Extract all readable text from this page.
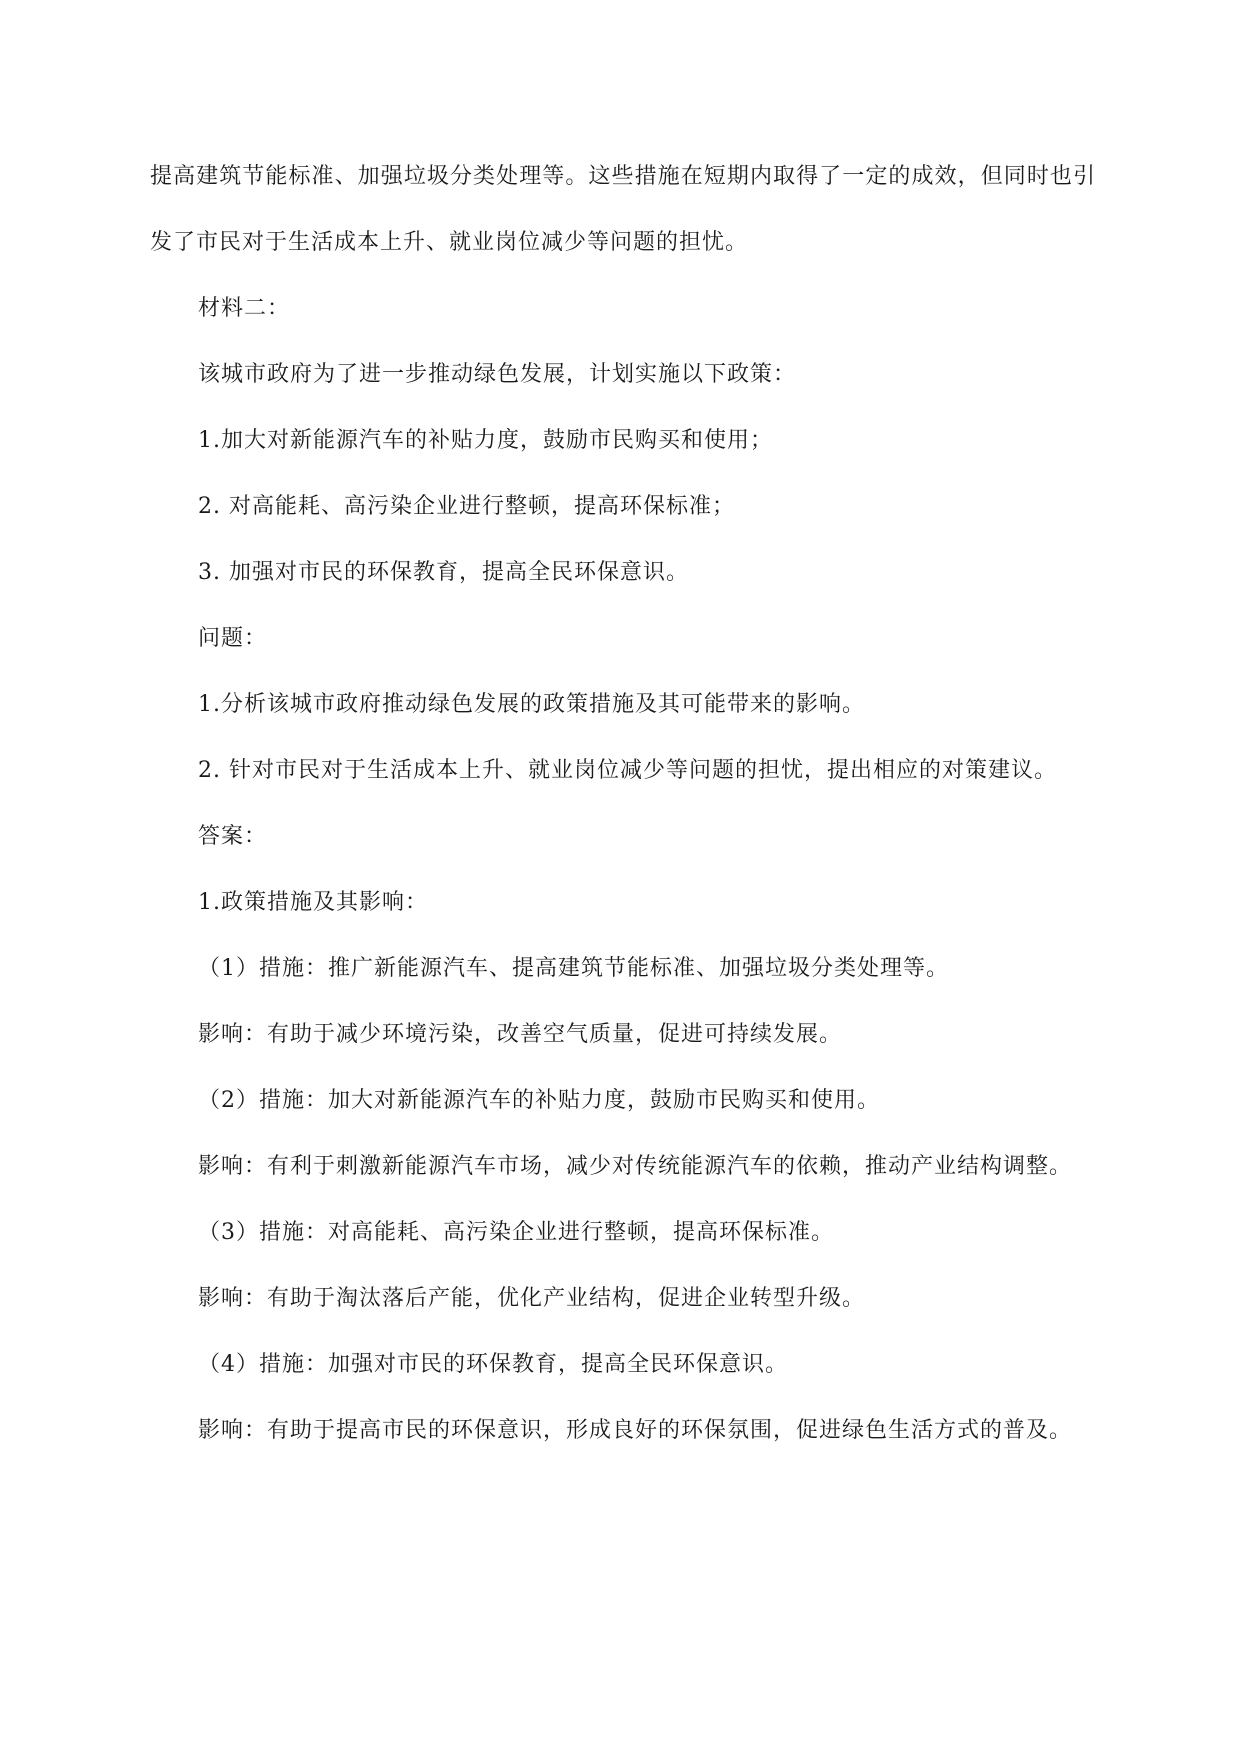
提高建筑节能标准、加强垃圾分类处理等。这些措施在短期内取得了一定的成效，但同时也引发了市民对于生活成本上升、就业岗位减少等问题的担忧。

材料二：

该城市政府为了进一步推动绿色发展，计划实施以下政策：

1.加大对新能源汽车的补贴力度，鼓励市民购买和使用；

2. 对高能耗、高污染企业进行整顿，提高环保标准；

3. 加强对市民的环保教育，提高全民环保意识。

问题：

1.分析该城市政府推动绿色发展的政策措施及其可能带来的影响。

2. 针对市民对于生活成本上升、就业岗位减少等问题的担忧，提出相应的对策建议。

答案：

1.政策措施及其影响：

（1）措施：推广新能源汽车、提高建筑节能标准、加强垃圾分类处理等。

影响：有助于减少环境污染，改善空气质量，促进可持续发展。

（2）措施：加大对新能源汽车的补贴力度，鼓励市民购买和使用。

影响：有利于刺激新能源汽车市场，减少对传统能源汽车的依赖，推动产业结构调整。

（3）措施：对高能耗、高污染企业进行整顿，提高环保标准。

影响：有助于淘汰落后产能，优化产业结构，促进企业转型升级。

（4）措施：加强对市民的环保教育，提高全民环保意识。

影响：有助于提高市民的环保意识，形成良好的环保氛围，促进绿色生活方式的普及。
